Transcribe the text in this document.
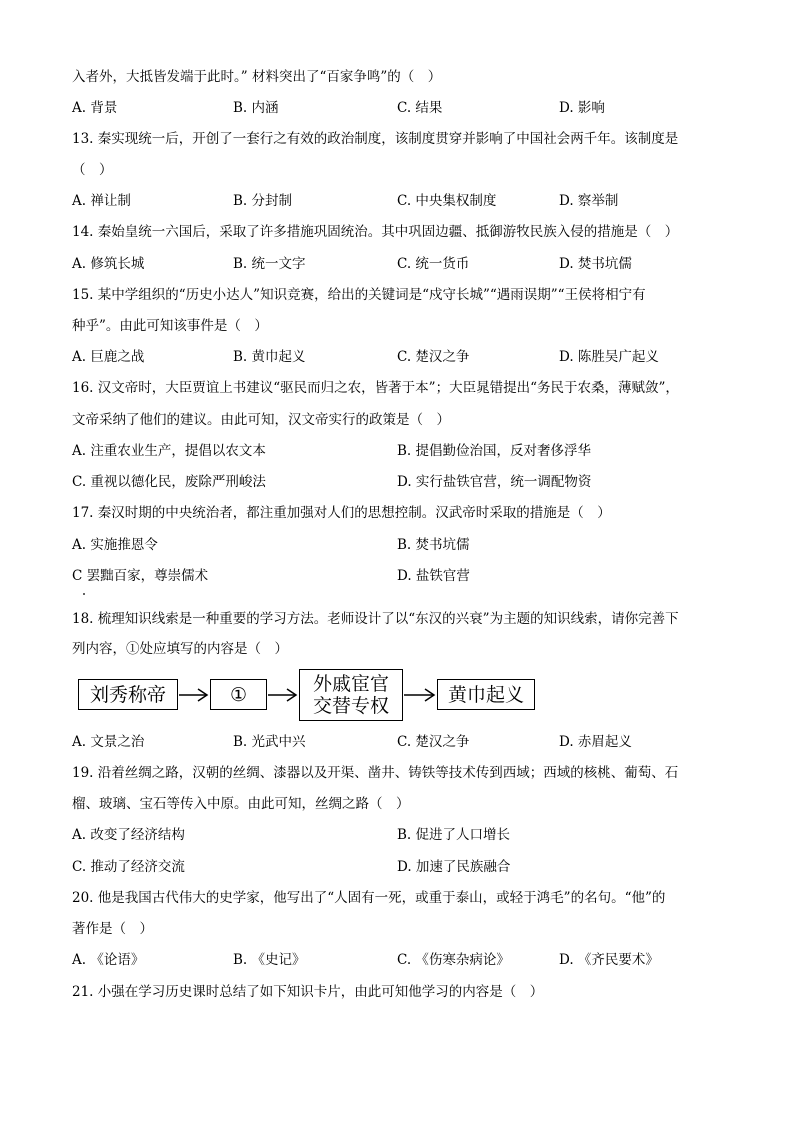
入者外，大抵皆发端于此时。” 材料突出了“百家争鸣”的（　）
A. 背景	B. 内涵	C. 结果	D. 影响
13. 秦实现统一后，开创了一套行之有效的政治制度，该制度贯穿并影响了中国社会两千年。该制度是
（　）
A. 禅让制	B. 分封制	C. 中央集权制度	D. 察举制
14. 秦始皇统一六国后，采取了许多措施巩固统治。其中巩固边疆、抵御游牧民族入侵的措施是（　）
A. 修筑长城	B. 统一文字	C. 统一货币	D. 焚书坑儒
15. 某中学组织的“历史小达人”知识竞赛，给出的关键词是“戍守长城”“遇雨误期”“王侯将相宁有
种乎”。由此可知该事件是（　）
A. 巨鹿之战	B. 黄巾起义	C. 楚汉之争	D. 陈胜吴广起义
16. 汉文帝时，大臣贾谊上书建议“驱民而归之农，皆著于本”；大臣晁错提出“务民于农桑，薄赋敛”，
文帝采纳了他们的建议。由此可知，汉文帝实行的政策是（　）
A. 注重农业生产，提倡以农文本	B. 提倡勤俭治国，反对奢侈浮华
C. 重视以德化民，废除严刑峻法	D. 实行盐铁官营，统一调配物资
17. 秦汉时期的中央统治者，都注重加强对人们的思想控制。汉武帝时采取的措施是（　）
A. 实施推恩令	B. 焚书坑儒
C 罢黜百家，尊崇儒术	D. 盐铁官营
18. 梳理知识线索是一种重要的学习方法。老师设计了以“东汉的兴衰”为主题的知识线索，请你完善下
列内容，①处应填写的内容是（　）
刘秀称帝	①	外戚宦官
交替专权
黄巾起义
A. 文景之治	B. 光武中兴	C. 楚汉之争	D. 赤眉起义
19. 沿着丝绸之路，汉朝的丝绸、漆器以及开渠、凿井、铸铁等技术传到西域；西域的核桃、葡萄、石
榴、玻璃、宝石等传入中原。由此可知，丝绸之路（　）
A. 改变了经济结构	B. 促进了人口增长
C. 推动了经济交流	D. 加速了民族融合
20. 他是我国古代伟大的史学家，他写出了“人固有一死，或重于泰山，或轻于鸿毛”的名句。“他”的
著作是（　）
A. 《论语》	B. 《史记》	C. 《伤寒杂病论》	D. 《齐民要术》
21. 小强在学习历史课时总结了如下知识卡片，由此可知他学习的内容是（　）
